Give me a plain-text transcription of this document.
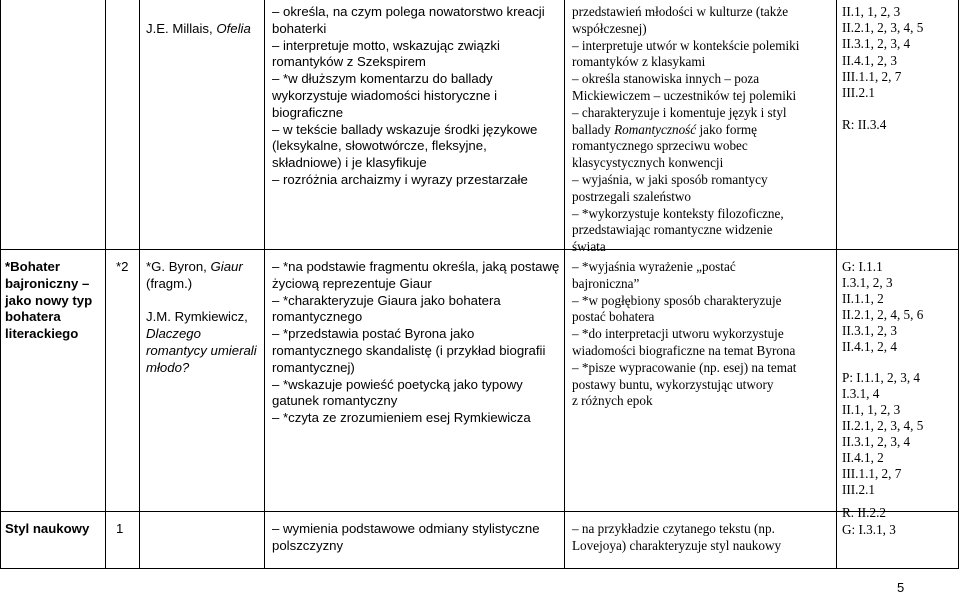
J.E. Millais, Ofelia

– określa, na czym polega nowatorstwo kreacji
bohaterki
– interpretuje motto, wskazując związki
romantyków z Szekspirem
– *w dłuższym komentarzu do ballady
wykorzystuje wiadomości historyczne i
biograficzne
– w tekście ballady wskazuje środki językowe
(leksykalne, słowotwórcze, fleksyjne,
składniowe) i je klasyfikuje
– rozróżnia archaizmy i wyrazy przestarzałe
przedstawień młodości w kulturze (także
współczesnej)
– interpretuje utwór w kontekście polemiki
romantyków z klasykami
– określa stanowiska innych – poza
Mickiewiczem – uczestników tej polemiki
– charakteryzuje i komentuje język i styl
ballady Romantyczność jako formę
romantycznego sprzeciwu wobec
klasycystycznych konwencji
– wyjaśnia, w jaki sposób romantycy
postrzegali szaleństwo
– *wykorzystuje konteksty filozoficzne,
przedstawiając romantyczne widzenie
świata
II.1, 1, 2, 3
II.2.1, 2, 3, 4, 5
II.3.1, 2, 3, 4
II.4.1, 2, 3
III.1.1, 2, 7
III.2.1

R: II.3.4
*Bohater
bajroniczny –
jako nowy typ
bohatera
literackiego
*2 *G. Byron, Giaur
(fragm.)

J.M. Rymkiewicz,
Dlaczego
romantycy umierali
młodo?
– *na podstawie fragmentu określa, jaką postawę
życiową reprezentuje Giaur
– *charakteryzuje Giaura jako bohatera
romantycznego
– *przedstawia postać Byrona jako
romantycznego skandalistę (i przykład biografii
romantycznej)
– *wskazuje powieść poetycką jako typowy
gatunek romantyczny
– *czyta ze zrozumieniem esej Rymkiewicza
– *wyjaśnia wyrażenie „postać
bajroniczna”
– *w pogłębiony sposób charakteryzuje
postać bohatera
– *do interpretacji utworu wykorzystuje
wiadomości biograficzne na temat Byrona
– *pisze wypracowanie (np. esej) na temat
postawy buntu, wykorzystując utwory
z różnych epok
G: I.1.1
I.3.1, 2, 3
II.1.1, 2
II.2.1, 2, 4, 5, 6
II.3.1, 2, 3
II.4.1, 2, 4

P: I.1.1, 2, 3, 4
I.3.1, 4
II.1, 1, 2, 3
II.2.1, 2, 3, 4, 5
II.3.1, 2, 3, 4
II.4.1, 2
III.1.1, 2, 7
III.2.1
Styl naukowy 1	– wymienia podstawowe odmiany stylistyczne
polszczyzny
– na przykładzie czytanego tekstu (np.
Lovejoya) charakteryzuje styl naukowy
R. II.2.2
G: I.3.1, 3
5
